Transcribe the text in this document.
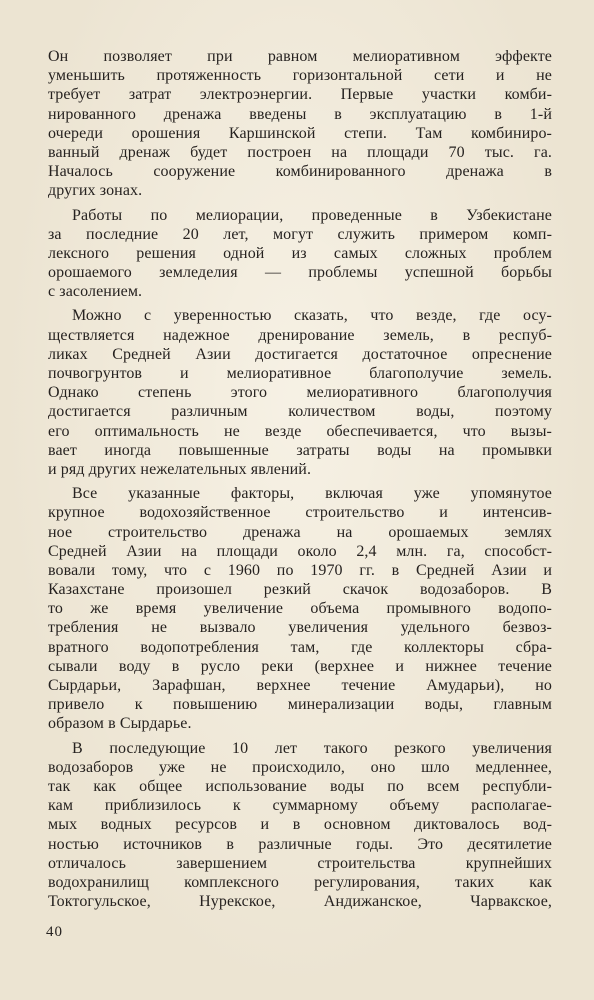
Он позволяет при равном мелиоративном эффекте
уменьшить протяженность горизонтальной сети и не
требует затрат электроэнергии. Первые участки комби-
нированного дренажа введены в эксплуатацию в 1-й
очереди орошения Каршинской степи. Там комбиниро-
ванный дренаж будет построен на площади 70 тыс. га.
Началось сооружение комбинированного дренажа в
других зонах.
Работы по мелиорации, проведенные в Узбекистане
за последние 20 лет, могут служить примером комп-
лексного решения одной из самых сложных проблем
орошаемого земледелия — проблемы успешной борьбы
с засолением.
Можно с уверенностью сказать, что везде, где осу-
ществляется надежное дренирование земель, в респуб-
ликах Средней Азии достигается достаточное опреснение
почвогрунтов и мелиоративное благополучие земель.
Однако степень этого мелиоративного благополучия
достигается различным количеством воды, поэтому
его оптимальность не везде обеспечивается, что вызы-
вает иногда повышенные затраты воды на промывки
и ряд других нежелательных явлений.
Все указанные факторы, включая уже упомянутое
крупное водохозяйственное строительство и интенсив-
ное строительство дренажа на орошаемых землях
Средней Азии на площади около 2,4 млн. га, способст-
вовали тому, что с 1960 по 1970 гг. в Средней Азии и
Казахстане произошел резкий скачок водозаборов. В
то же время увеличение объема промывного водопо-
требления не вызвало увеличения удельного безвоз-
вратного водопотребления там, где коллекторы сбра-
сывали воду в русло реки (верхнее и нижнее течение
Сырдарьи, Зарафшан, верхнее течение Амударьи), но
привело к повышению минерализации воды, главным
образом в Сырдарье.
В последующие 10 лет такого резкого увеличения
водозаборов уже не происходило, оно шло медленнее,
так как общее использование воды по всем республи-
кам приблизилось к суммарному объему располагае-
мых водных ресурсов и в основном диктовалось вод-
ностью источников в различные годы. Это десятилетие
отличалось завершением строительства крупнейших
водохранилищ комплексного регулирования, таких как
Токтогульское, Нурекское, Андижанское, Чарвакское,
40
